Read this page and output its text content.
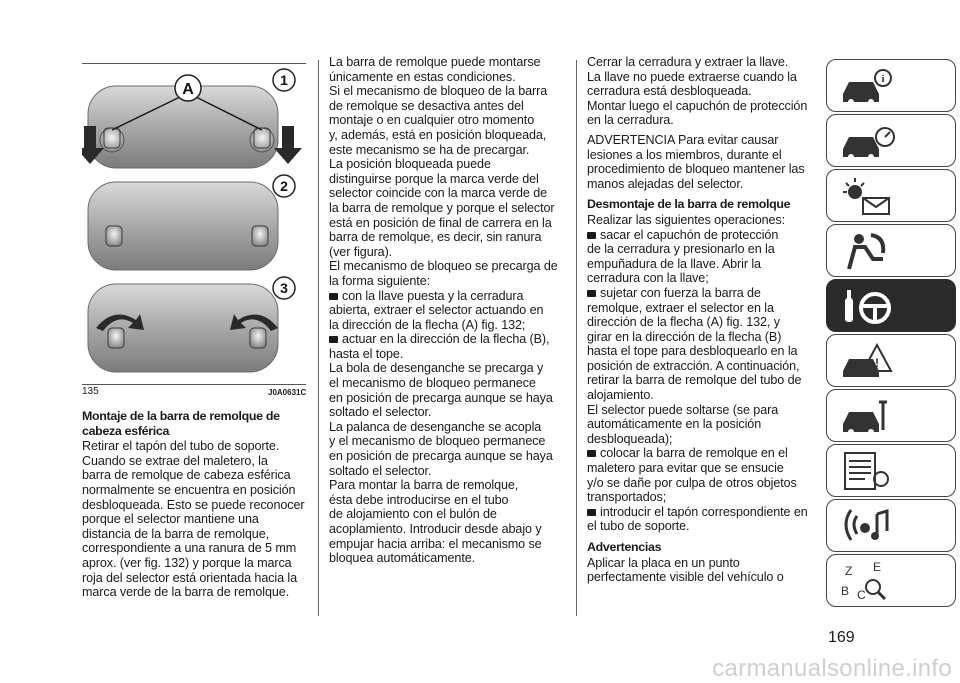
A
1
2
3
135	J0A0631C
Montaje de la barra de remolque de cabeza esférica

Retirar el tapón del tubo de soporte.

Cuando se extrae del maletero, la

barra de remolque de cabeza esférica

normalmente se encuentra en posición

desbloqueada. Esto se puede reconocer

porque el selector mantiene una

distancia de la barra de remolque,

correspondiente a una ranura de 5 mm

aprox. (ver fig. 132) y porque la marca

roja del selector está orientada hacia la

marca verde de la barra de remolque.

La barra de remolque puede montarse

únicamente en estas condiciones.

Si el mecanismo de bloqueo de la barra

de remolque se desactiva antes del

montaje o en cualquier otro momento

y, además, está en posición bloqueada,

este mecanismo se ha de precargar.

La posición bloqueada puede

distinguirse porque la marca verde del

selector coincide con la marca verde de

la barra de remolque y porque el selector

está en posición de final de carrera en la

barra de remolque, es decir, sin ranura

(ver figura).

El mecanismo de bloqueo se precarga de

la forma siguiente:

con la llave puesta y la cerradura

abierta, extraer el selector actuando en

la dirección de la flecha (A) fig. 132;

actuar en la dirección de la flecha (B),

hasta el tope.

La bola de desenganche se precarga y

el mecanismo de bloqueo permanece

en posición de precarga aunque se haya

soltado el selector.

La palanca de desenganche se acopla

y el mecanismo de bloqueo permanece

en posición de precarga aunque se haya

soltado el selector.

Para montar la barra de remolque,

ésta debe introducirse en el tubo

de alojamiento con el bulón de

acoplamiento. Introducir desde abajo y

empujar hacia arriba: el mecanismo se

bloquea automáticamente.

Cerrar la cerradura y extraer la llave.

La llave no puede extraerse cuando la

cerradura está desbloqueada.

Montar luego el capuchón de protección

en la cerradura.

ADVERTENCIA Para evitar causar

lesiones a los miembros, durante el

procedimiento de bloqueo mantener las

manos alejadas del selector.

Desmontaje de la barra de remolque

Realizar las siguientes operaciones:

sacar el capuchón de protección

de la cerradura y presionarlo en la

empuñadura de la llave. Abrir la

cerradura con la llave;

sujetar con fuerza la barra de

remolque, extraer el selector en la

dirección de la flecha (A) fig. 132, y

girar en la dirección de la flecha (B)

hasta el tope para desbloquearlo en la

posición de extracción. A continuación,

retirar la barra de remolque del tubo de

alojamiento.

El selector puede soltarse (se para

automáticamente en la posición

desbloqueada);

colocar la barra de remolque en el

maletero para evitar que se ensucie

y/o se dañe por culpa de otros objetos

transportados;

introducir el tapón correspondiente en

el tubo de soporte.

Advertencias

Aplicar la placa en un punto

perfectamente visible del vehículo o

i
!
Z E
B C
169
carmanualsonline.info
